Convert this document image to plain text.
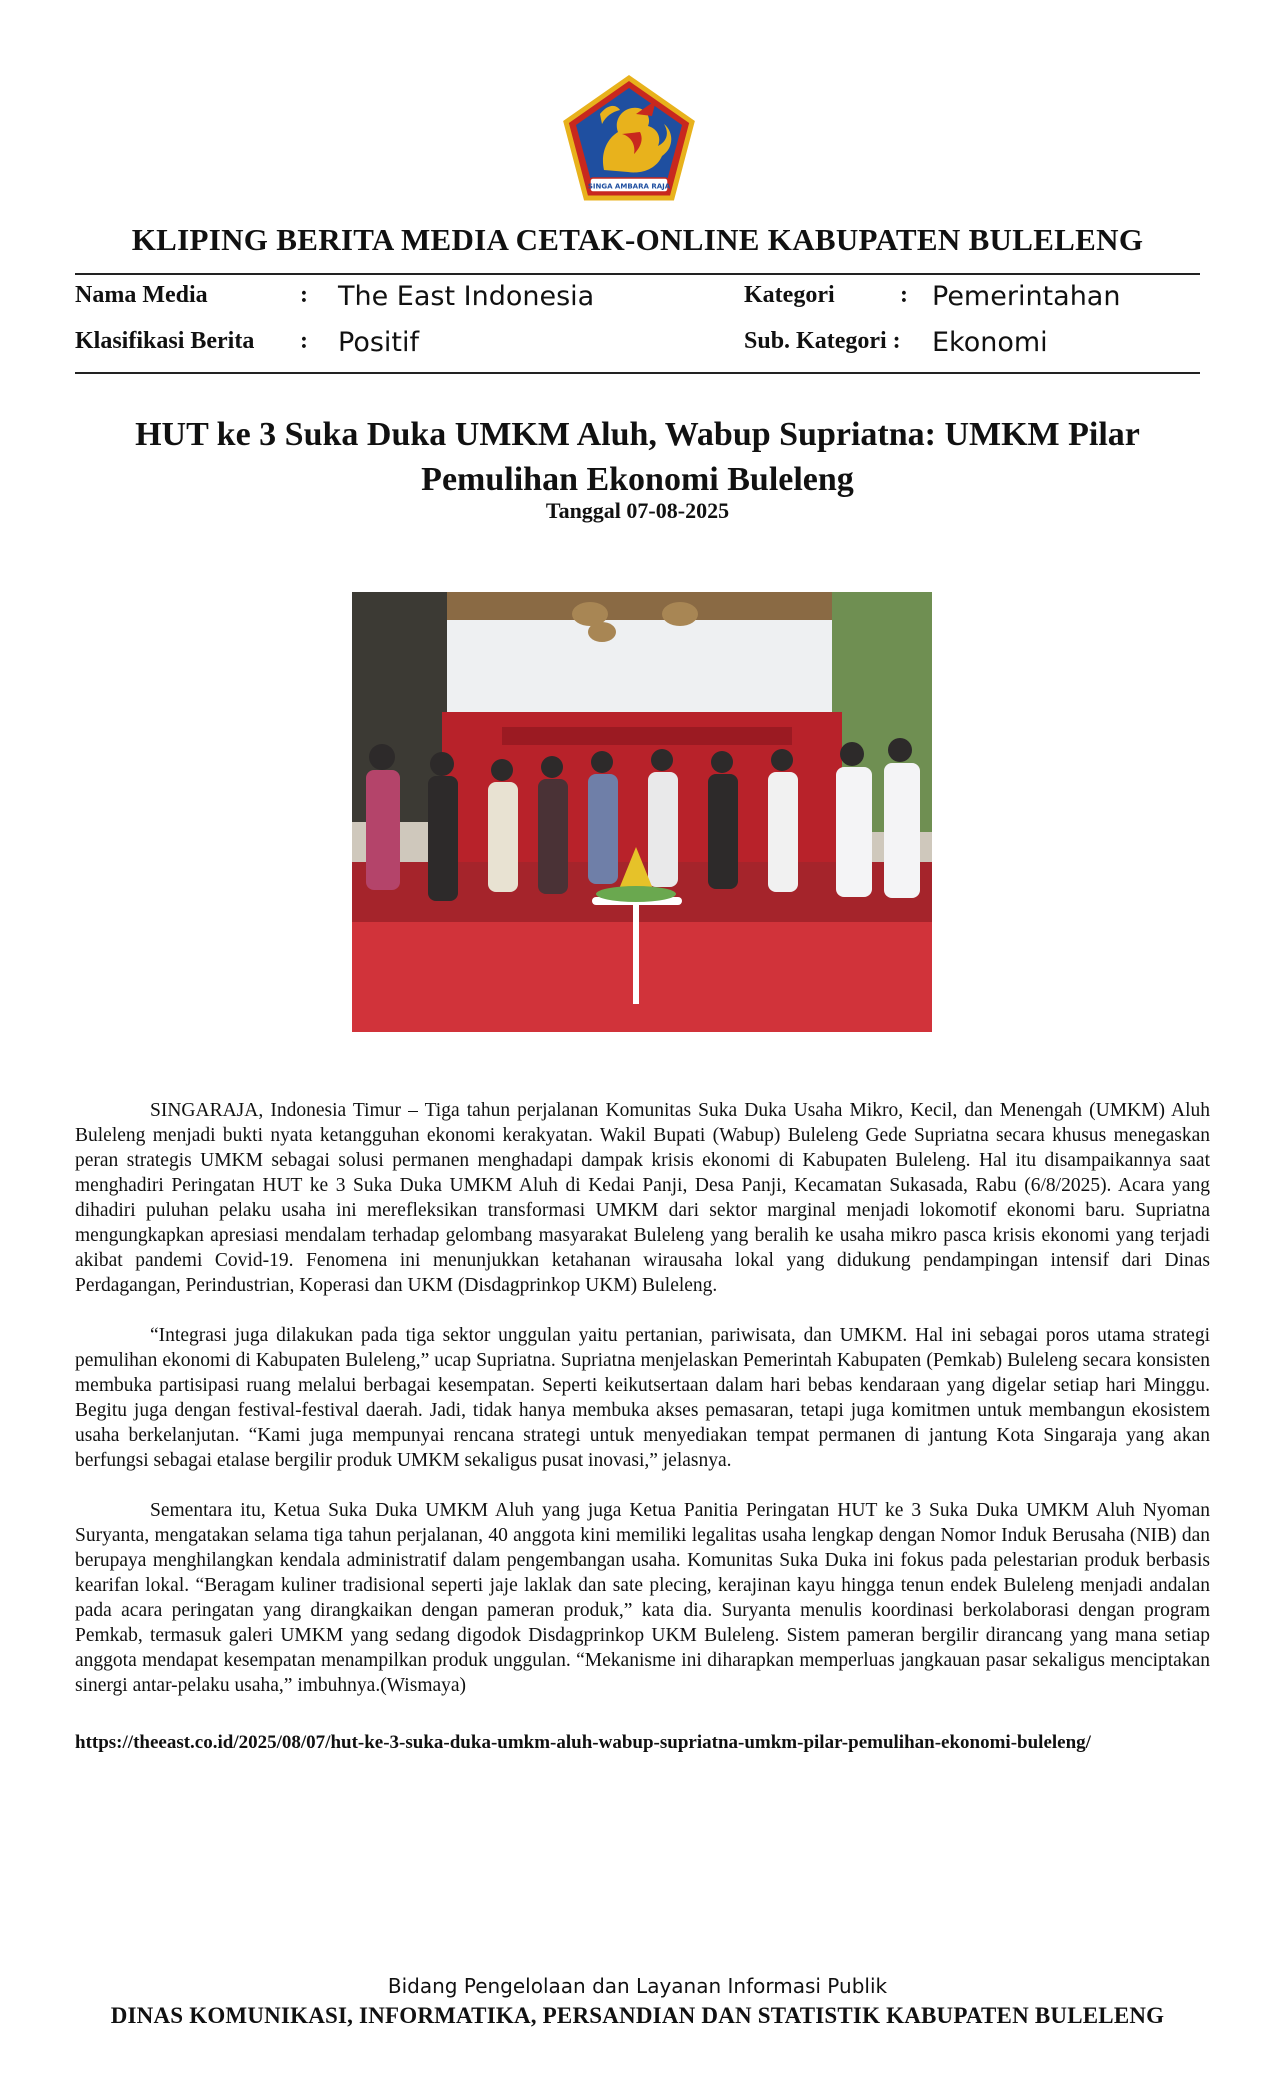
SINGA AMBARA RAJA
KLIPING BERITA MEDIA CETAK-ONLINE KABUPATEN BULELENG
Nama Media	: The East Indonesia	Kategori	: Pemerintahan
Klasifikasi Berita : Positif	Sub. Kategori : Ekonomi
HUT ke 3 Suka Duka UMKM Aluh, Wabup Supriatna: UMKM Pilar Pemulihan Ekonomi Buleleng
Tanggal 07-08-2025

SINGARAJA, Indonesia Timur – Tiga tahun perjalanan Komunitas Suka Duka Usaha Mikro, Kecil, dan Menengah (UMKM) Aluh Buleleng menjadi bukti nyata ketangguhan ekonomi kerakyatan. Wakil Bupati (Wabup) Buleleng Gede Supriatna secara khusus menegaskan peran strategis UMKM sebagai solusi permanen menghadapi dampak krisis ekonomi di Kabupaten Buleleng. Hal itu disampaikannya saat menghadiri Peringatan HUT ke 3 Suka Duka UMKM Aluh di Kedai Panji, Desa Panji, Kecamatan Sukasada, Rabu (6/8/2025). Acara yang dihadiri puluhan pelaku usaha ini merefleksikan transformasi UMKM dari sektor marginal menjadi lokomotif ekonomi baru. Supriatna mengungkapkan apresiasi mendalam terhadap gelombang masyarakat Buleleng yang beralih ke usaha mikro pasca krisis ekonomi yang terjadi akibat pandemi Covid-19. Fenomena ini menunjukkan ketahanan wirausaha lokal yang didukung pendampingan intensif dari Dinas Perdagangan, Perindustrian, Koperasi dan UKM (Disdagprinkop UKM) Buleleng.

“Integrasi juga dilakukan pada tiga sektor unggulan yaitu pertanian, pariwisata, dan UMKM. Hal ini sebagai poros utama strategi pemulihan ekonomi di Kabupaten Buleleng,” ucap Supriatna. Supriatna menjelaskan Pemerintah Kabupaten (Pemkab) Buleleng secara konsisten membuka partisipasi ruang melalui berbagai kesempatan. Seperti keikutsertaan dalam hari bebas kendaraan yang digelar setiap hari Minggu. Begitu juga dengan festival-festival daerah. Jadi, tidak hanya membuka akses pemasaran, tetapi juga komitmen untuk membangun ekosistem usaha berkelanjutan. “Kami juga mempunyai rencana strategi untuk menyediakan tempat permanen di jantung Kota Singaraja yang akan berfungsi sebagai etalase bergilir produk UMKM sekaligus pusat inovasi,” jelasnya.

Sementara itu, Ketua Suka Duka UMKM Aluh yang juga Ketua Panitia Peringatan HUT ke 3 Suka Duka UMKM Aluh Nyoman Suryanta, mengatakan selama tiga tahun perjalanan, 40 anggota kini memiliki legalitas usaha lengkap dengan Nomor Induk Berusaha (NIB) dan berupaya menghilangkan kendala administratif dalam pengembangan usaha. Komunitas Suka Duka ini fokus pada pelestarian produk berbasis kearifan lokal. “Beragam kuliner tradisional seperti jaje laklak dan sate plecing, kerajinan kayu hingga tenun endek Buleleng menjadi andalan pada acara peringatan yang dirangkaikan dengan pameran produk,” kata dia. Suryanta menulis koordinasi berkolaborasi dengan program Pemkab, termasuk galeri UMKM yang sedang digodok Disdagprinkop UKM Buleleng. Sistem pameran bergilir dirancang yang mana setiap anggota mendapat kesempatan menampilkan produk unggulan. “Mekanisme ini diharapkan memperluas jangkauan pasar sekaligus menciptakan sinergi antar-pelaku usaha,” imbuhnya.(Wismaya)

https://theeast.co.id/2025/08/07/hut-ke-3-suka-duka-umkm-aluh-wabup-supriatna-umkm-pilar-pemulihan-ekonomi-buleleng/
Bidang Pengelolaan dan Layanan Informasi Publik
DINAS KOMUNIKASI, INFORMATIKA, PERSANDIAN DAN STATISTIK KABUPATEN BULELENG
